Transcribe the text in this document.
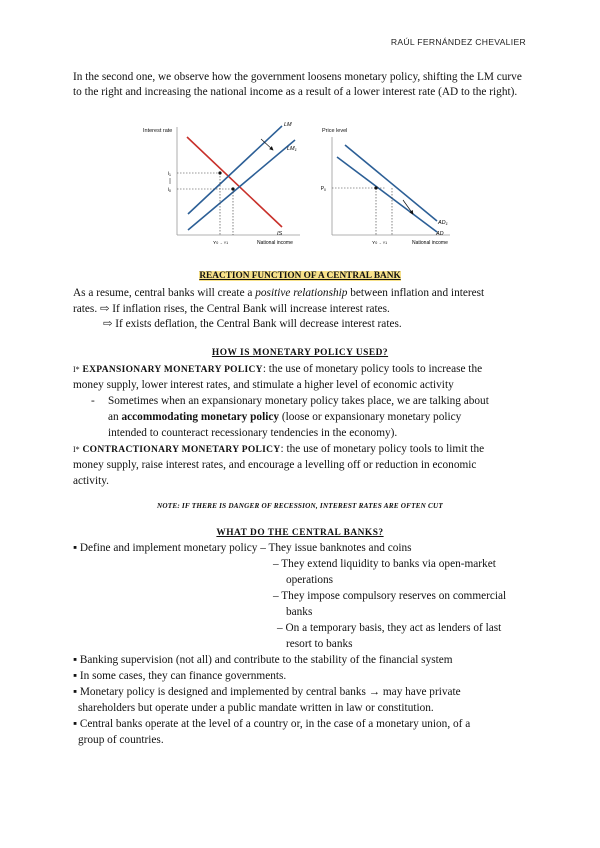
RAÚL FERNÁNDEZ CHEVALIER
In the second one, we observe how the government loosens monetary policy, shifting the LM curve to the right and increasing the national income as a result of a lower interest rate (AD to the right).
Interest rate
$i_1$
$i_0$
LM
LM1
IS
Y0 → Y1	National income
Price level
$P_0$
AD1
AD
Y0 → Y1	National income
REACTION FUNCTION OF A CENTRAL BANK
As a resume, central banks will create a positive relationship between inflation and interest
rates. ⇨ If inflation rises, the Central Bank will increase interest rates.
⇨ If exists deflation, the Central Bank will decrease interest rates.
HOW IS MONETARY POLICY USED?
I* EXPANSIONARY MONETARY POLICY: the use of monetary policy tools to increase the
money supply, lower interest rates, and stimulate a higher level of economic activity
- Sometimes when an expansionary monetary policy takes place, we are talking about
an accommodating monetary policy (loose or expansionary monetary policy
intended to counteract recessionary tendencies in the economy).
I* CONTRACTIONARY MONETARY POLICY: the use of monetary policy tools to limit the
money supply, raise interest rates, and encourage a levelling off or reduction in economic
activity.
NOTE: IF THERE IS DANGER OF RECESSION, INTEREST RATES ARE OFTEN CUT
WHAT DO THE CENTRAL BANKS?
▪ Define and implement monetary policy – They issue banknotes and coins
– They extend liquidity to banks via open-market
operations
– They impose compulsory reserves on commercial
banks
– On a temporary basis, they act as lenders of last
resort to banks
▪ Banking supervision (not all) and contribute to the stability of the financial system
▪ In some cases, they can finance governments.
▪ Monetary policy is designed and implemented by central banks → may have private
shareholders but operate under a public mandate written in law or constitution.
▪ Central banks operate at the level of a country or, in the case of a monetary union, of a
group of countries.
